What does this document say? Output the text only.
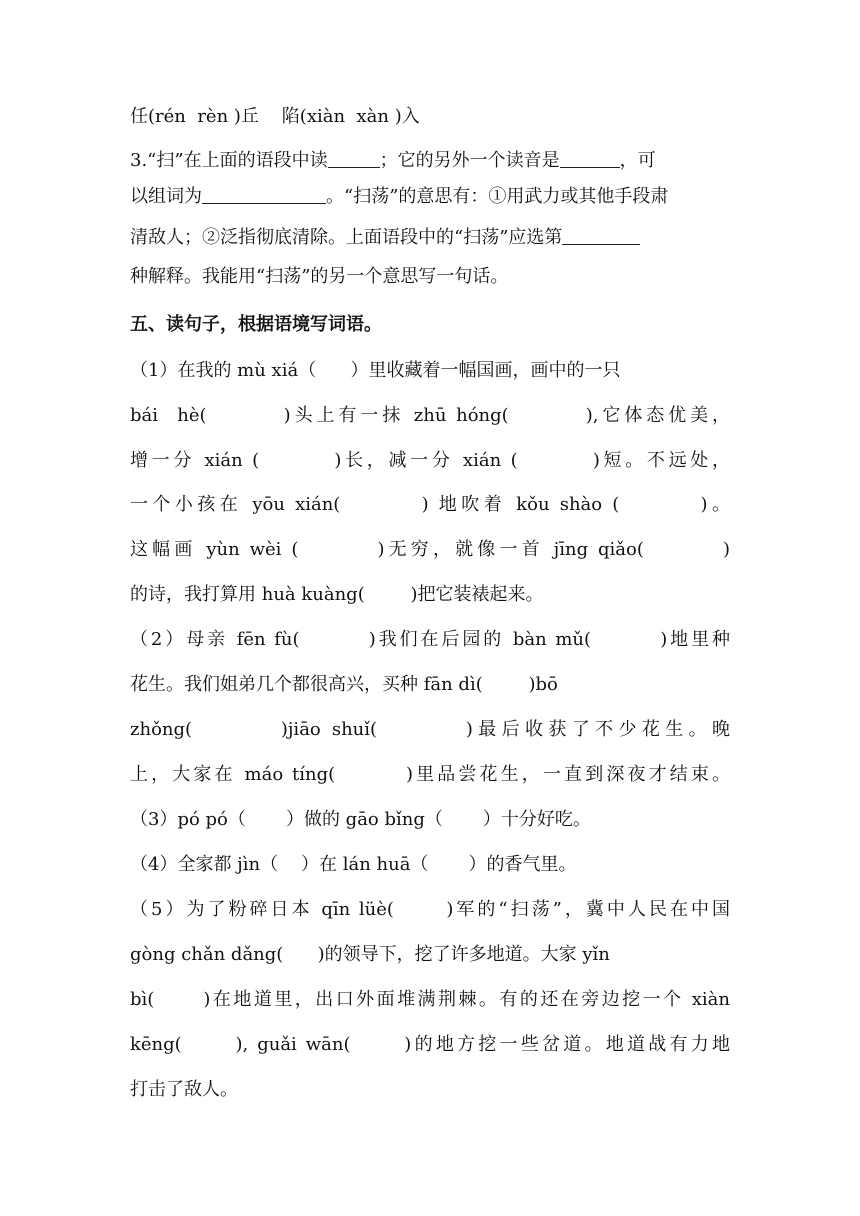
任(rén  rèn )丘    陷(xiàn  xàn )入
3.“扫”在上面的语段中读	；它的另外一个读音是	，可
以组词为	。“扫荡”的意思有：①用武力或其他手段肃
清敌人；②泛指彻底清除。上面语段中的“扫荡”应选第
种解释。我能用“扫荡”的另一个意思写一句话。
五、读句子，根据语境写词语。
（1）在我的 mù xiá（      ）里收藏着一幅国画，画中的一只
bái  hè(        )头上有一抹 zhū hóng(        ),它体态优美，
增一分 xián (        )长，减一分 xián (        )短。不远处，
一个小孩在 yōu xián(        ) 地吹着 kǒu shào (        )。
这幅画 yùn wèi (        )无穷，就像一首 jīng qiǎo(        )
的诗，我打算用 huà kuàng(        )把它装裱起来。
（2）母亲 fēn fù(        )我们在后园的 bàn mǔ(        )地里种
花生。我们姐弟几个都很高兴，买种 fān dì(        )bō
zhǒng(        )jiāo shuǐ(        )最后收获了不少花生。晚
上，大家在 máo tíng(        )里品尝花生，一直到深夜才结束。
（3）pó pó（       ）做的 gāo bǐng（       ）十分好吃。
（4）全家都 jìn（    ）在 lán huā（       ）的香气里。
（5）为了粉碎日本 qīn lüè(      )军的“扫荡”，冀中人民在中国
gòng chǎn dǎng(      )的领导下，挖了许多地道。大家 yǐn
bì(      )在地道里，出口外面堆满荆棘。有的还在旁边挖一个 xiàn
kēng(      ), guǎi wān(      )的地方挖一些岔道。地道战有力地
打击了敌人。
